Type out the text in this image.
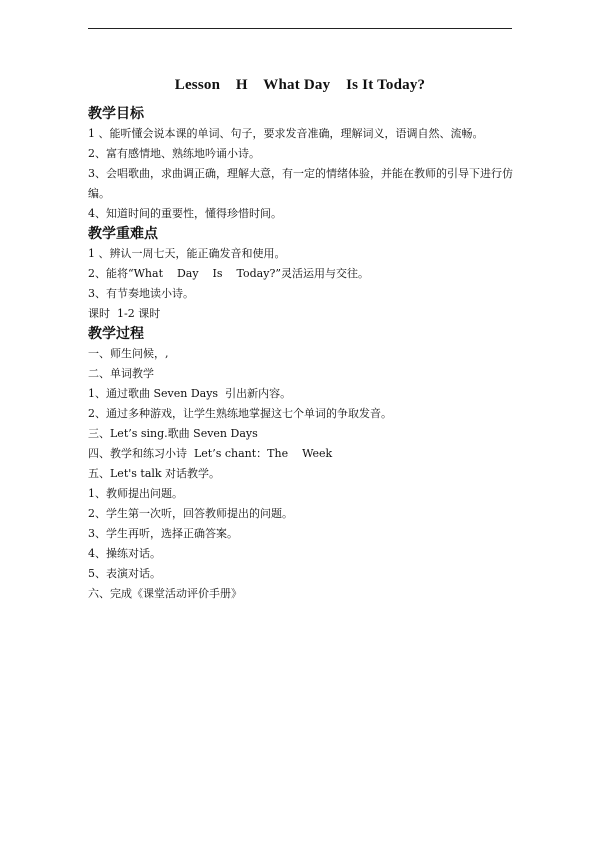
Lesson    H    What Day    Is It Today?
教学目标
1 、能听懂会说本课的单词、句子，要求发音准确，理解词义，语调自然、流畅。
2、富有感情地、熟练地吟诵小诗。
3、会唱歌曲，求曲调正确，理解大意，有一定的情绪体验，并能在教师的引导下进行仿编。
4、知道时间的重要性，懂得珍惜时间。
教学重难点
1 、辨认一周七天，能正确发音和使用。
2、能将“What    Day    Is    Today?”灵活运用与交往。
3、有节奏地读小诗。
课时  1-2 课时
教学过程
一、师生问候，,
二、单词教学
1、通过歌曲 Seven Days  引出新内容。
2、通过多种游戏，让学生熟练地掌握这七个单词的争取发音。
三、Let’s sing.歌曲 Seven Days
四、教学和练习小诗  Let’s chant：The    Week
五、Let's talk 对话教学。
1、教师提出问题。
2、学生第一次听，回答教师提出的问题。
3、学生再听，选择正确答案。
4、操练对话。
5、表演对话。
六、完成《课堂活动评价手册》
